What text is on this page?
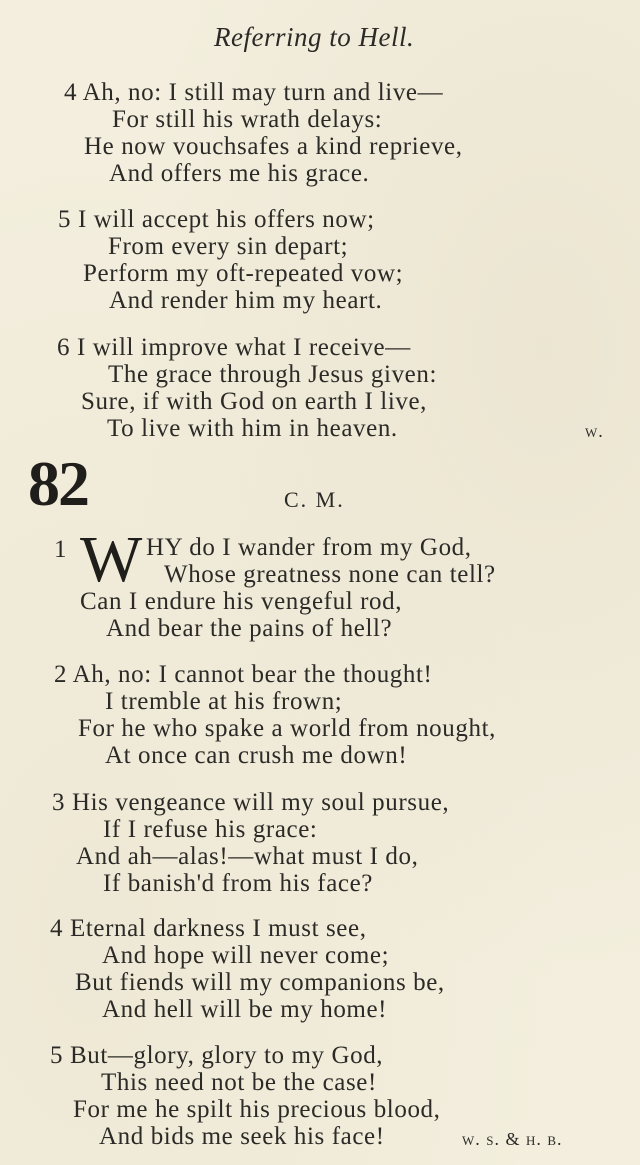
Referring to Hell.
4 Ah, no: I still may turn and live—
For still his wrath delays:
He now vouchsafes a kind reprieve,
And offers me his grace.
5 I will accept his offers now;
From every sin depart;
Perform my oft-repeated vow;
And render him my heart.
6 I will improve what I receive—
The grace through Jesus given:
Sure, if with God on earth I live,
To live with him in heaven.	w.
82	C. M.
1 W HY do I wander from my God,
Whose greatness none can tell?
Can I endure his vengeful rod,
And bear the pains of hell?
2 Ah, no: I cannot bear the thought!
I tremble at his frown;
For he who spake a world from nought,
At once can crush me down!
3 His vengeance will my soul pursue,
If I refuse his grace:
And ah—alas!—what must I do,
If banish'd from his face?
4 Eternal darkness I must see,
And hope will never come;
But fiends will my companions be,
And hell will be my home!
5 But—glory, glory to my God,
This need not be the case!
For me he spilt his precious blood,
And bids me seek his face!	w. s. & h. b.
